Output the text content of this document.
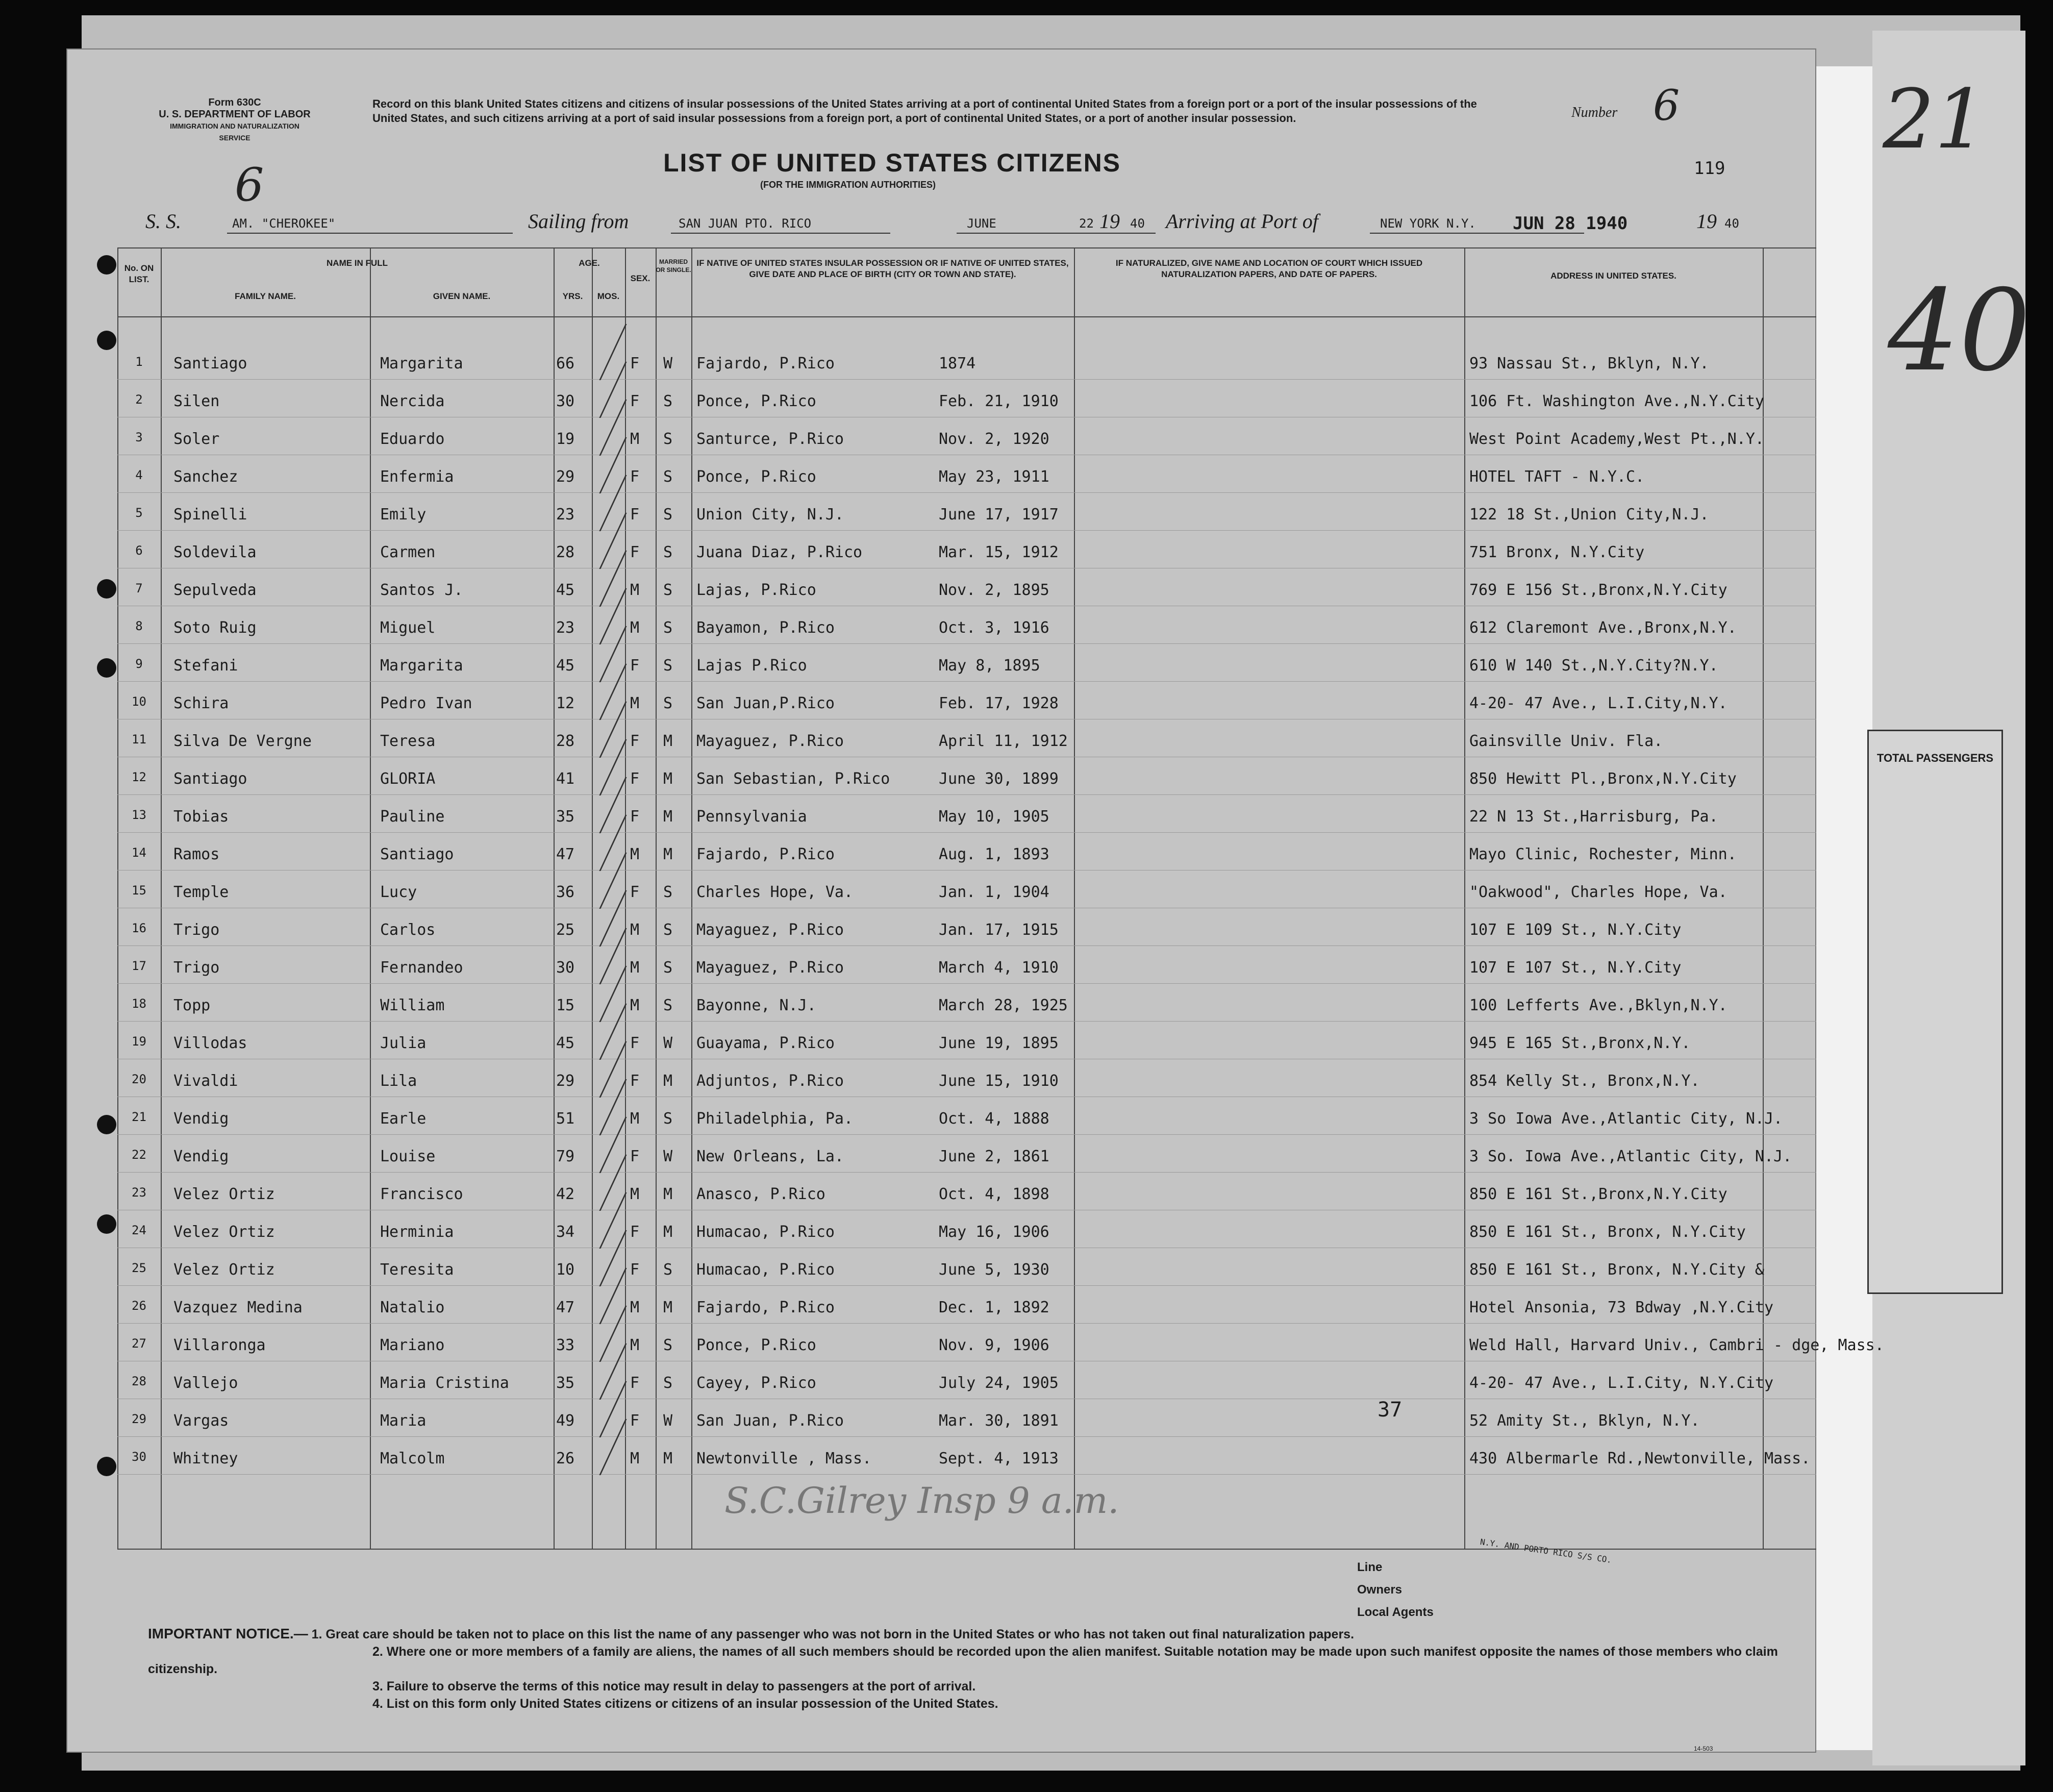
21
40
Form 630C
U. S. DEPARTMENT OF LABOR
IMMIGRATION AND NATURALIZATION SERVICE
Record on this blank United States citizens and citizens of insular possessions of the United States arriving at a port of continental United States from a foreign port or a port of the insular possessions of the United States, and such citizens arriving at a port of said insular possessions from a foreign port, a port of continental United States, or a port of another insular possession.	Number 6
LIST OF UNITED STATES CITIZENS
(FOR THE IMMIGRATION AUTHORITIES)
6	119
S. S.	AM. "CHEROKEE"	Sailing from	SAN JUAN PTO. RICO	JUNE	22 19 40 Arriving at Port of	NEW YORK N.Y. JUN 28 1940	19 40
No. ON LIST.
NAME IN FULL
FAMILY NAME.	GIVEN NAME.
AGE.
YRS.	MOS.
SEX.
MARRIED OR SINGLE.
IF NATIVE OF UNITED STATES INSULAR POSSESSION OR IF NATIVE OF UNITED STATES, GIVE DATE AND PLACE OF BIRTH (CITY OR TOWN AND STATE).
IF NATURALIZED, GIVE NAME AND LOCATION OF COURT WHICH ISSUED NATURALIZATION PAPERS, AND DATE OF PAPERS.	ADDRESS IN UNITED STATES.
1	Santiago	Margarita	66	F W Fajardo, P.Rico	1874	93 Nassau St., Bklyn, N.Y.
2	Silen	Nercida	30	F S Ponce, P.Rico	Feb. 21, 1910	106 Ft. Washington Ave.,N.Y.City
3	Soler	Eduardo	19	M S Santurce, P.Rico	Nov. 2, 1920	West Point Academy,West Pt.,N.Y.
4	Sanchez	Enfermia	29	F S Ponce, P.Rico	May 23, 1911	HOTEL TAFT - N.Y.C.
5	Spinelli	Emily	23	F S Union City, N.J.	June 17, 1917	122 18 St.,Union City,N.J.
6	Soldevila	Carmen	28	F S Juana Diaz, P.Rico	Mar. 15, 1912	751 Bronx, N.Y.City
7	Sepulveda	Santos J.	45	M S Lajas, P.Rico	Nov. 2, 1895	769 E 156 St.,Bronx,N.Y.City
8	Soto Ruig	Miguel	23	M S Bayamon, P.Rico	Oct. 3, 1916	612 Claremont Ave.,Bronx,N.Y.
9	Stefani	Margarita	45	F S Lajas P.Rico	May 8, 1895	610 W 140 St.,N.Y.City?N.Y.
10	Schira	Pedro Ivan	12	M S San Juan,P.Rico	Feb. 17, 1928	4-20- 47 Ave., L.I.City,N.Y.
11	Silva De Vergne	Teresa	28	F M Mayaguez, P.Rico	April 11, 1912	Gainsville Univ. Fla.
12	Santiago	GLORIA	41	F M San Sebastian, P.Rico	June 30, 1899	850 Hewitt Pl.,Bronx,N.Y.City
13	Tobias	Pauline	35	F M Pennsylvania	May 10, 1905	22 N 13 St.,Harrisburg, Pa.
14	Ramos	Santiago	47	M M Fajardo, P.Rico	Aug. 1, 1893	Mayo Clinic, Rochester, Minn.
15	Temple	Lucy	36	F S Charles Hope, Va.	Jan. 1, 1904	"Oakwood", Charles Hope, Va.
16	Trigo	Carlos	25	M S Mayaguez, P.Rico	Jan. 17, 1915	107 E 109 St., N.Y.City
17	Trigo	Fernandeo	30	M S Mayaguez, P.Rico	March 4, 1910	107 E 107 St., N.Y.City
18	Topp	William	15	M S Bayonne, N.J.	March 28, 1925	100 Lefferts Ave.,Bklyn,N.Y.
19	Villodas	Julia	45	F W Guayama, P.Rico	June 19, 1895	945 E 165 St.,Bronx,N.Y.
20	Vivaldi	Lila	29	F M Adjuntos, P.Rico	June 15, 1910	854 Kelly St., Bronx,N.Y.
21	Vendig	Earle	51	M S Philadelphia, Pa.	Oct. 4, 1888	3 So Iowa Ave.,Atlantic City, N.J.
22	Vendig	Louise	79	F W New Orleans, La.	June 2, 1861	3 So. Iowa Ave.,Atlantic City, N.J.
23	Velez Ortiz	Francisco	42	M M Anasco, P.Rico	Oct. 4, 1898	850 E 161 St.,Bronx,N.Y.City
24	Velez Ortiz	Herminia	34	F M Humacao, P.Rico	May 16, 1906	850 E 161 St., Bronx, N.Y.City
25	Velez Ortiz	Teresita	10	F S Humacao, P.Rico	June 5, 1930	850 E 161 St., Bronx, N.Y.City &
26	Vazquez Medina	Natalio	47	M M Fajardo, P.Rico	Dec. 1, 1892	Hotel Ansonia, 73 Bdway ,N.Y.City
27	Villaronga	Mariano	33	M S Ponce, P.Rico	Nov. 9, 1906	Weld Hall, Harvard Univ., Cambri - dge, Mass.
28	Vallejo	Maria Cristina	35	F S Cayey, P.Rico	July 24, 1905	4-20- 47 Ave., L.I.City, N.Y.City
29	Vargas	Maria	49	F W San Juan, P.Rico	Mar. 30, 1891	52 Amity St., Bklyn, N.Y.
30	Whitney	Malcolm	26	M M Newtonville , Mass.	Sept. 4, 1913	430 Albermarle Rd.,Newtonville, Mass.
37
S.C.Gilrey Insp 9 a.m.
TOTAL PASSENGERS
Line
Owners
Local Agents
N.Y. AND PORTO RICO S/S CO.
IMPORTANT NOTICE.— 1. Great care should be taken not to place on this list the name of any passenger who was not born in the United States or who has not taken out final naturalization papers.
2. Where one or more members of a family are aliens, the names of all such members should be recorded upon the alien manifest. Suitable notation may be made upon such manifest opposite the names of those members who claim citizenship.
3. Failure to observe the terms of this notice may result in delay to passengers at the port of arrival.
4. List on this form only United States citizens or citizens of an insular possession of the United States.
14-503
